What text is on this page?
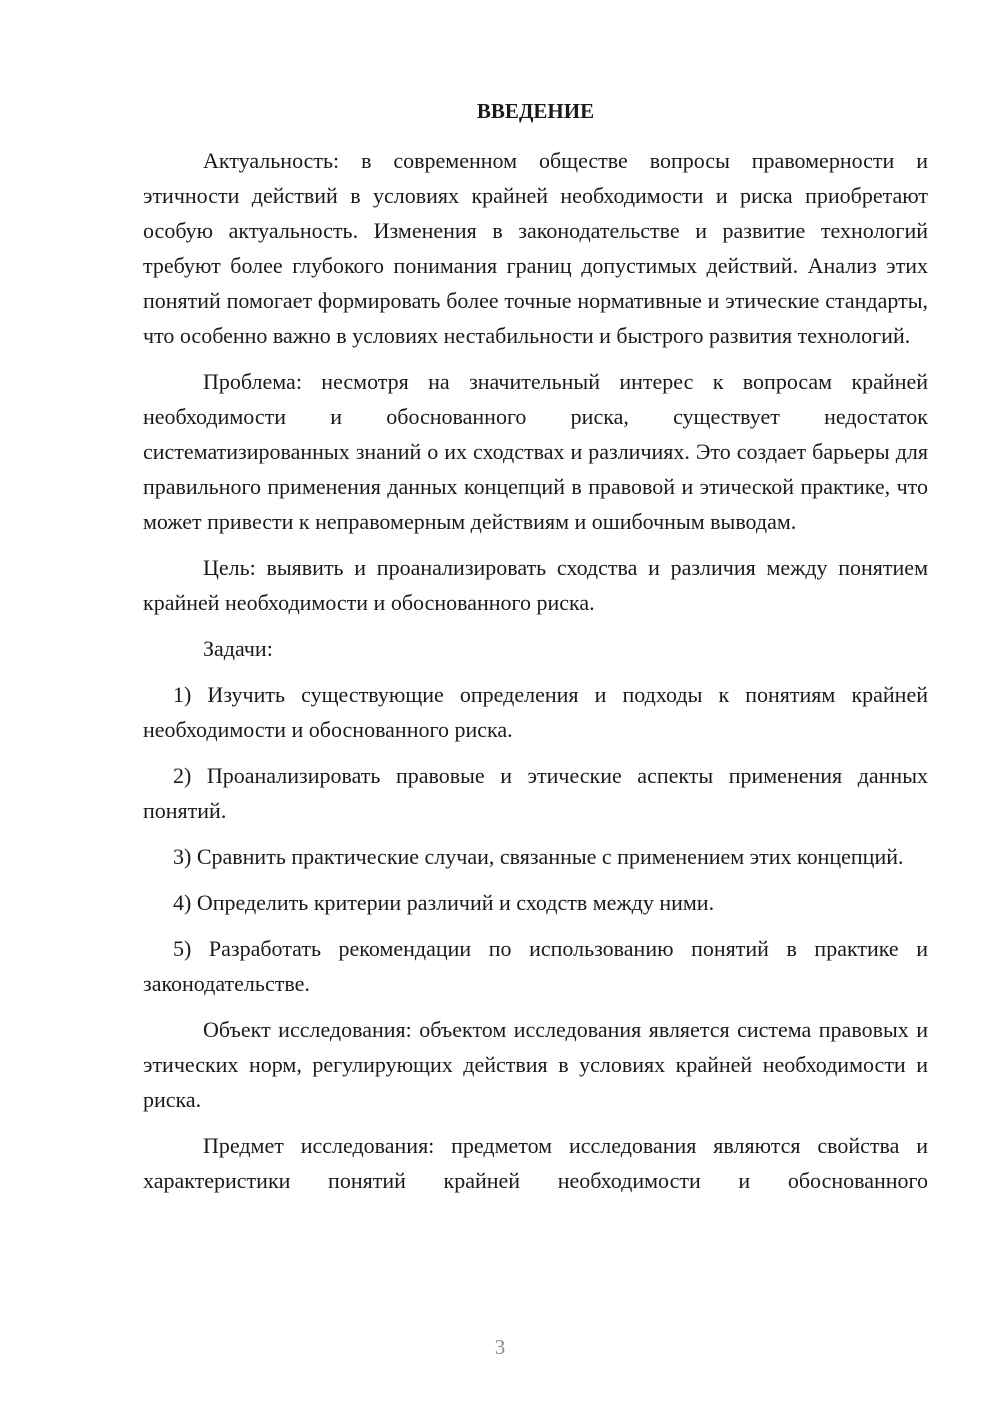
ВВЕДЕНИЕ

Актуальность: в современном обществе вопросы правомерности и этичности действий в условиях крайней необходимости и риска приобретают особую актуальность. Изменения в законодательстве и развитие технологий требуют более глубокого понимания границ допустимых действий. Анализ этих понятий помогает формировать более точные нормативные и этические стандарты, что особенно важно в условиях нестабильности и быстрого развития технологий.

Проблема: несмотря на значительный интерес к вопросам крайней необходимости и обоснованного риска, существует недостаток систематизированных знаний о их сходствах и различиях. Это создает барьеры для правильного применения данных концепций в правовой и этической практике, что может привести к неправомерным действиям и ошибочным выводам.

Цель: выявить и проанализировать сходства и различия между понятием крайней необходимости и обоснованного риска.

Задачи:

1) Изучить существующие определения и подходы к понятиям крайней необходимости и обоснованного риска.

2) Проанализировать правовые и этические аспекты применения данных понятий.

3) Сравнить практические случаи, связанные с применением этих концепций.

4) Определить критерии различий и сходств между ними.

5) Разработать рекомендации по использованию понятий в практике и законодательстве.

Объект исследования: объектом исследования является система правовых и этических норм, регулирующих действия в условиях крайней необходимости и риска.

Предмет исследования: предметом исследования являются свойства и характеристики понятий крайней необходимости и обоснованного

3
